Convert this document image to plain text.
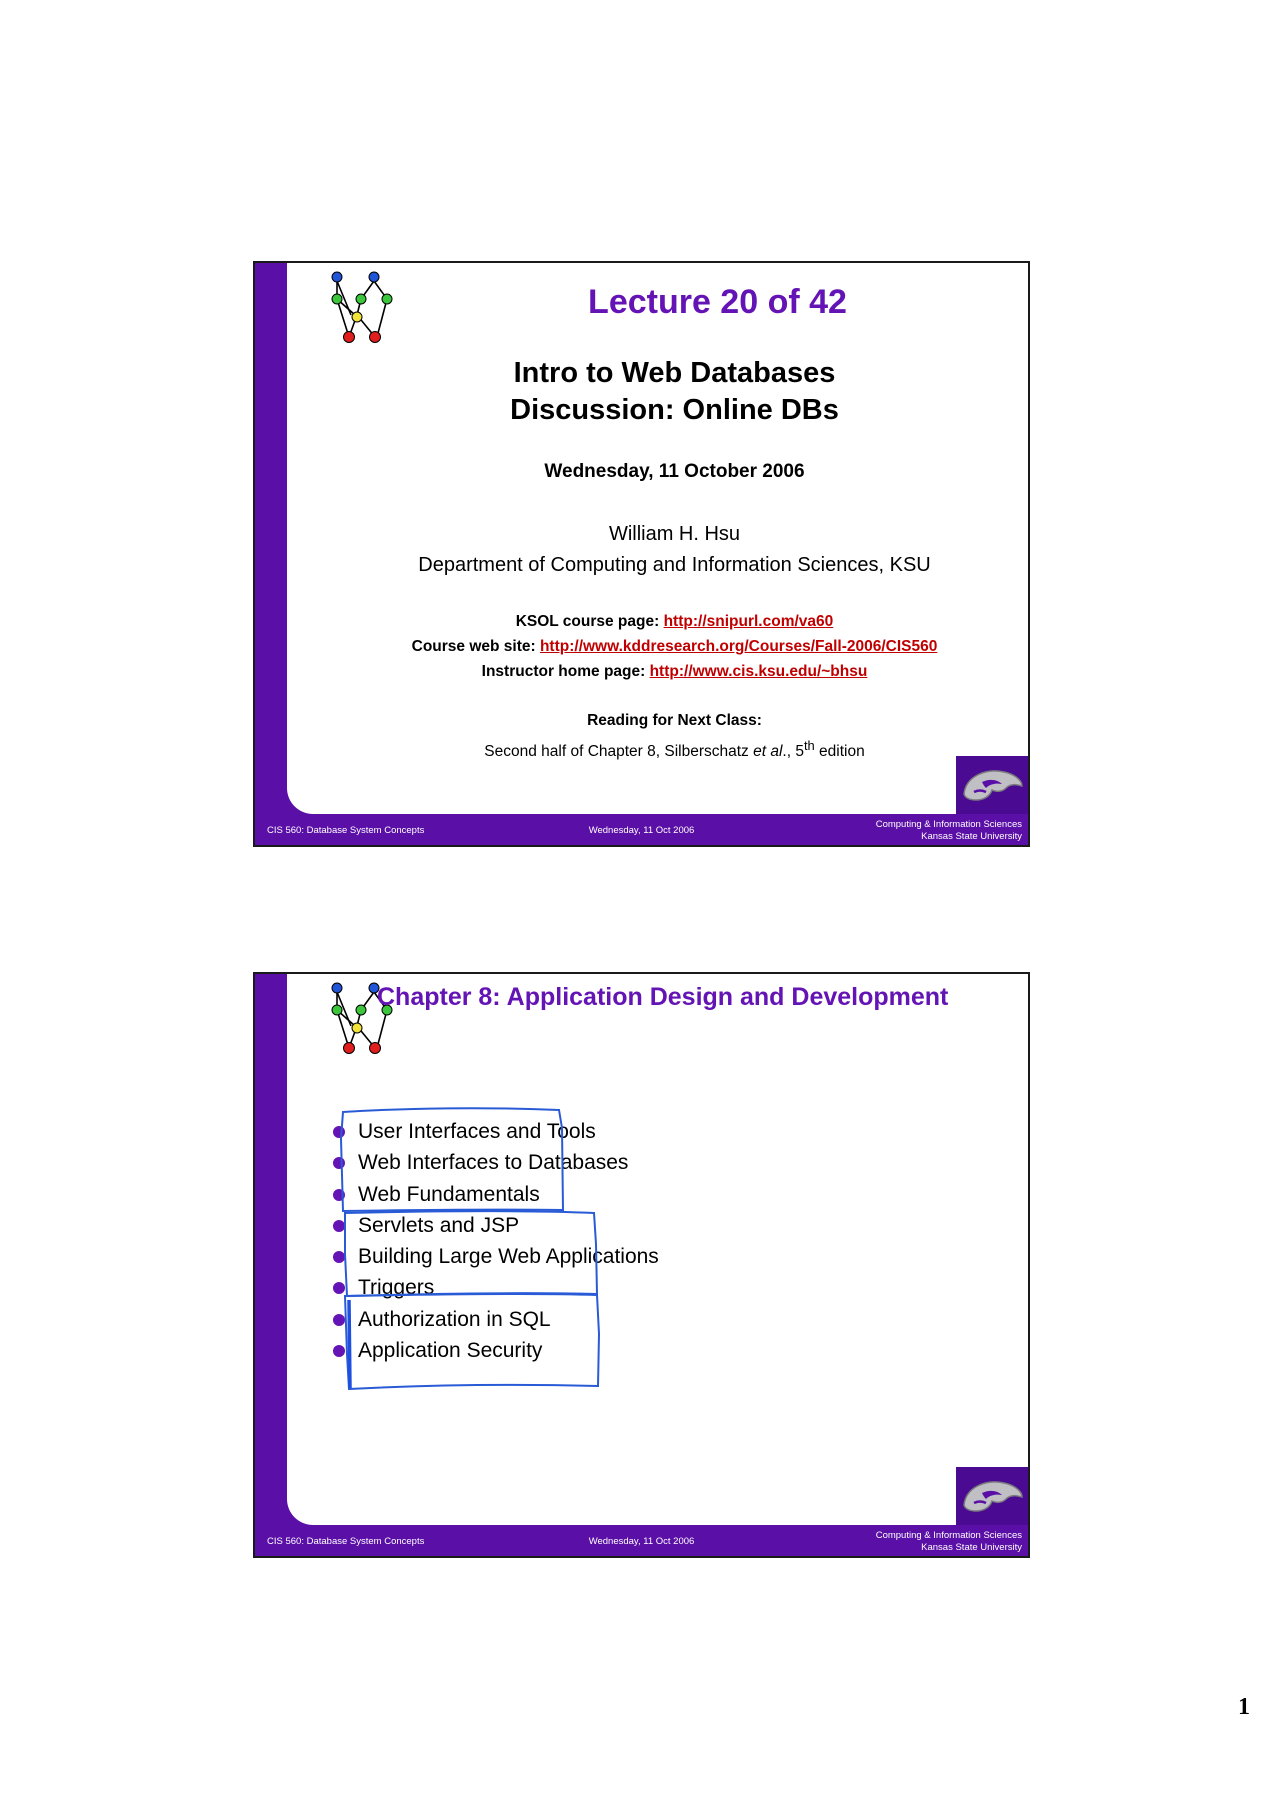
Lecture 20 of 42
Intro to Web Databases
Discussion: Online DBs
Wednesday, 11 October 2006
William H. Hsu
Department of Computing and Information Sciences, KSU
KSOL course page: http://snipurl.com/va60
Course web site: http://www.kddresearch.org/Courses/Fall-2006/CIS560
Instructor home page: http://www.cis.ksu.edu/~bhsu
Reading for Next Class:
Second half of Chapter 8, Silberschatz et al., 5th edition
CIS 560: Database System Concepts	Wednesday, 11 Oct 2006
Computing & Information Sciences
Kansas State University
Chapter 8: Application Design and Development
User Interfaces and Tools
Web Interfaces to Databases
Web Fundamentals
Servlets and JSP
Building Large Web Applications
Triggers
Authorization in SQL
Application Security
CIS 560: Database System Concepts	Wednesday, 11 Oct 2006
Computing & Information Sciences
Kansas State University
1
